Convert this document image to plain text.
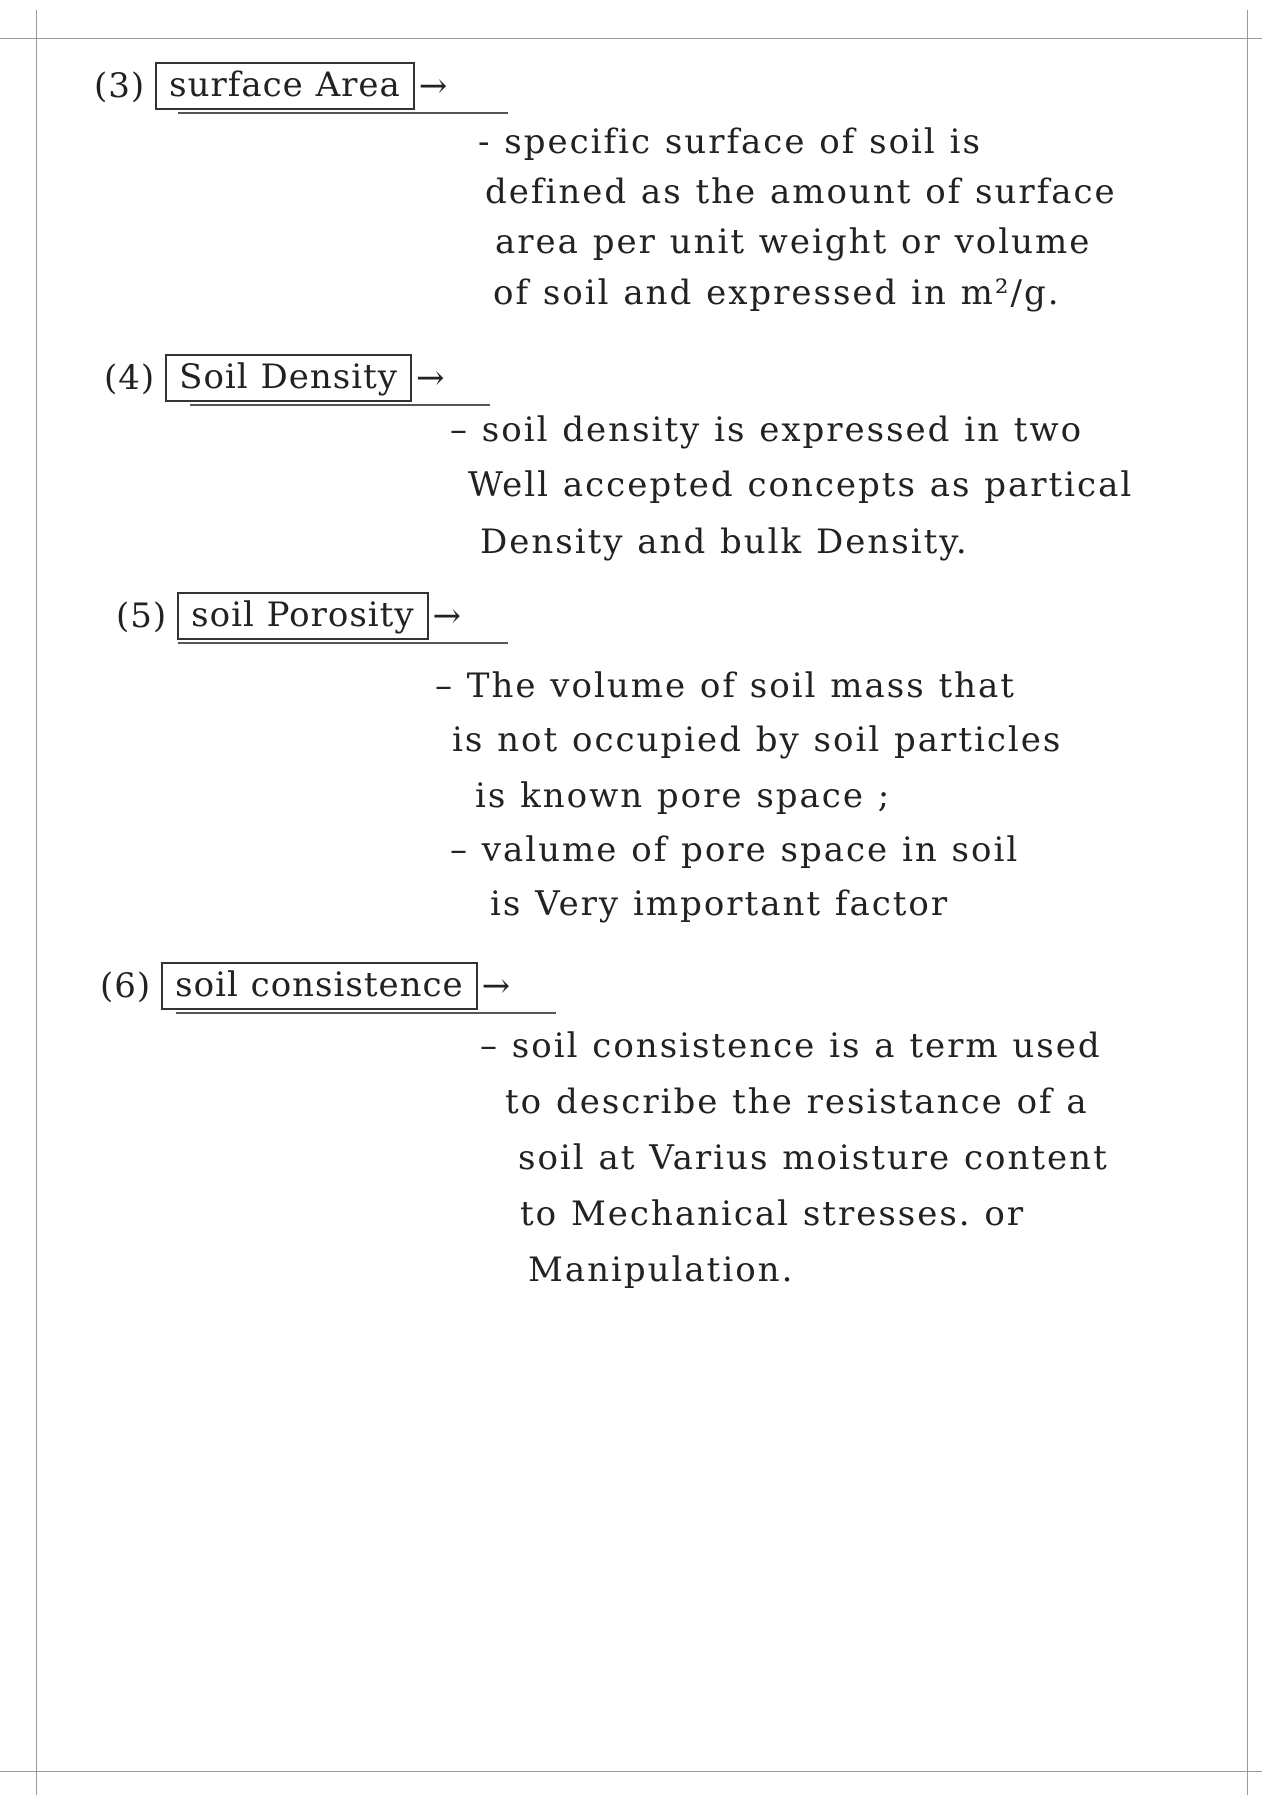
(3) surface Area →
- specific surface of soil is
defined as the amount of surface
area per unit weight or volume
of soil and expressed in m²/g.
(4) Soil Density →
– soil density is expressed in two
Well accepted concepts as partical
Density and bulk Density.
(5) soil Porosity →
– The volume of soil mass that
is not occupied by soil particles
is known pore space ;
– valume of pore space in soil
is Very important factor
(6) soil consistence →
– soil consistence is a term used
to describe the resistance of a
soil at Varius moisture content
to Mechanical stresses. or
Manipulation.
